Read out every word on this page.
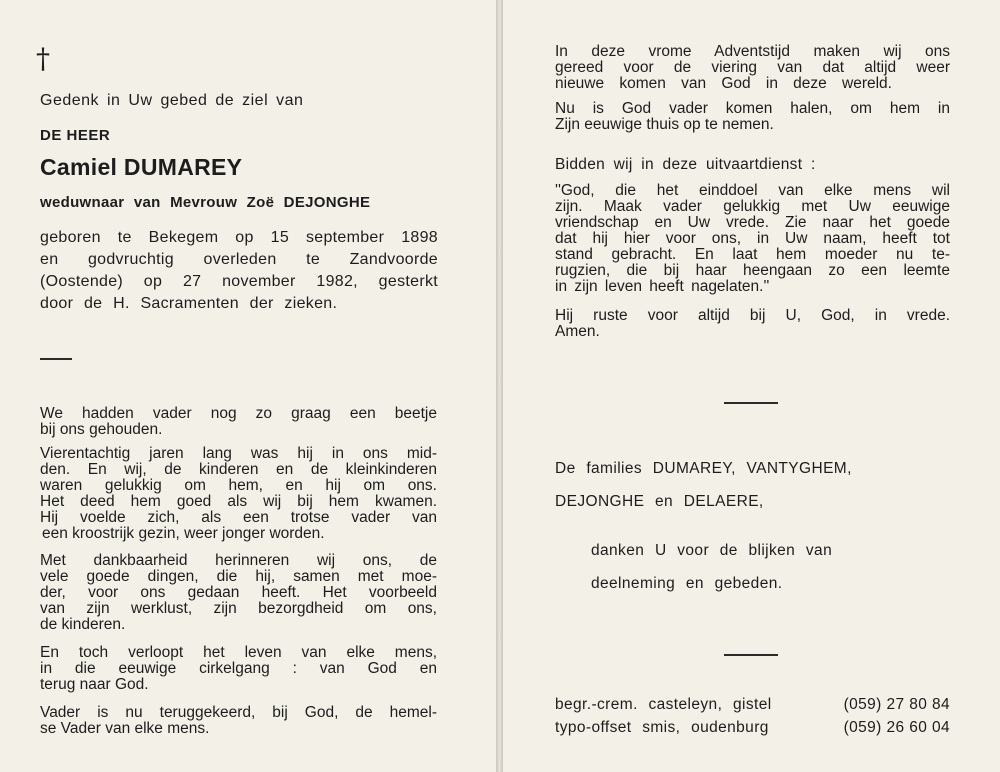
†
Gedenk in Uw gebed de ziel van
DE HEER
Camiel DUMAREY
weduwnaar van Mevrouw Zoë DEJONGHE
geboren te Bekegem op 15 september 1898
en godvruchtig overleden te Zandvoorde
(Oostende) op 27 november 1982, gesterkt
door de H. Sacramenten der zieken.
We hadden vader nog zo graag een beetje
bij ons gehouden.
Vierentachtig jaren lang was hij in ons mid-
den. En wij, de kinderen en de kleinkinderen
waren gelukkig om hem, en hij om ons.
Het deed hem goed als wij bij hem kwamen.
Hij voelde zich, als een trotse vader van
een kroostrijk gezin, weer jonger worden.
Met dankbaarheid herinneren wij ons, de
vele goede dingen, die hij, samen met moe-
der, voor ons gedaan heeft. Het voorbeeld
van zijn werklust, zijn bezorgdheid om ons,
de kinderen.
En toch verloopt het leven van elke mens,
in die eeuwige cirkelgang : van God en
terug naar God.
Vader is nu teruggekeerd, bij God, de hemel-
se Vader van elke mens.
In deze vrome Adventstijd maken wij ons
gereed voor de viering van dat altijd weer
nieuwe komen van God in deze wereld.
Nu is God vader komen halen, om hem in
Zijn eeuwige thuis op te nemen.
Bidden wij in deze uitvaartdienst :
''God, die het einddoel van elke mens wil
zijn. Maak vader gelukkig met Uw eeuwige
vriendschap en Uw vrede. Zie naar het goede
dat hij hier voor ons, in Uw naam, heeft tot
stand gebracht. En laat hem moeder nu te-
rugzien, die bij haar heengaan zo een leemte
in zijn leven heeft nagelaten.''
Hij ruste voor altijd bij U, God, in vrede.
Amen.
De families DUMAREY, VANTYGHEM,
DEJONGHE en DELAERE,
danken U voor de blijken van
deelneming en gebeden.
begr.-crem. casteleyn, gistel	(059) 27 80 84
typo-offset smis, oudenburg	(059) 26 60 04
